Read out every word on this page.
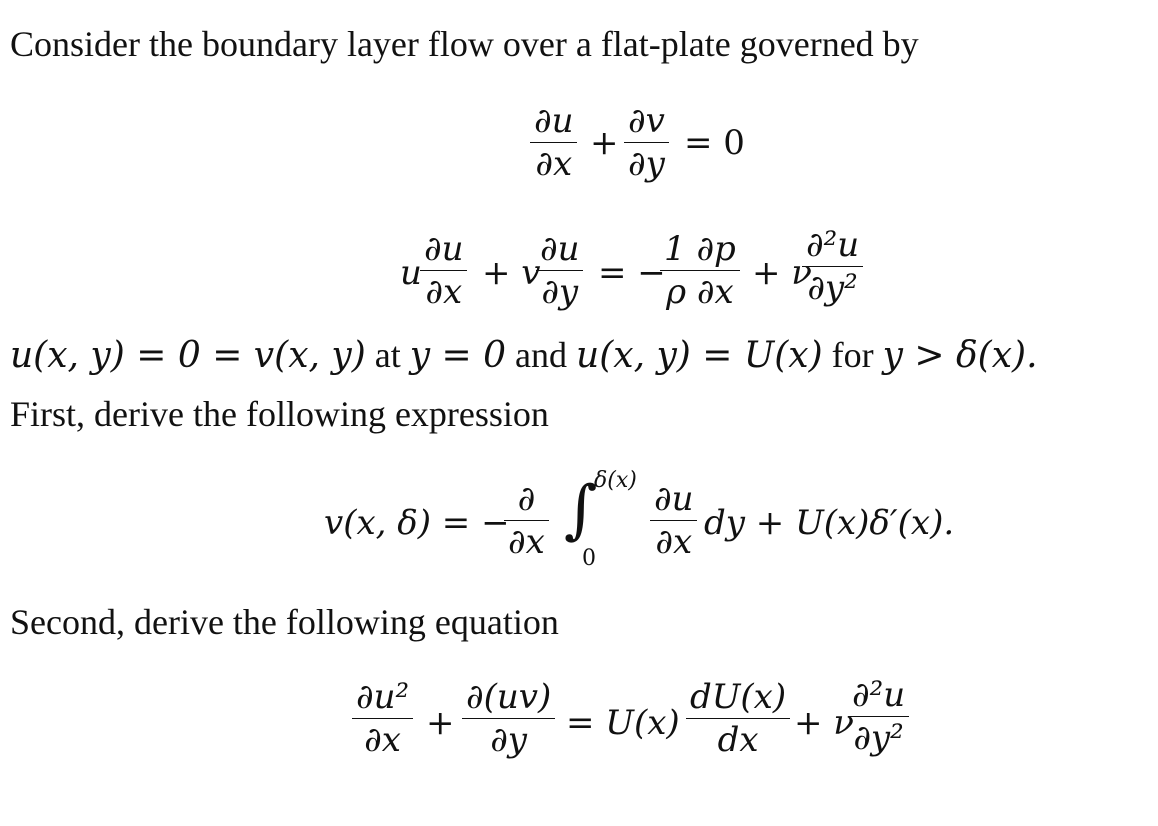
Consider the boundary layer flow over a flat-plate governed by
∂u
∂x
+
∂v
∂y
= 0
u
∂u
∂x + v
∂u
∂y = −
1 ∂p
ρ ∂x + ν
∂²u
∂y²
u(x, y) = 0 = v(x, y) at y = 0 and u(x, y) = U(x) for y > δ(x).
First, derive the following expression
v(x, δ) = −
∂
∂x ∫
δ(x)
0
∂u
∂x dy + U(x)δ′(x).
Second, derive the following equation
∂u²
∂x +
∂(uv)
∂y	= U(x)
dU(x)
dx	+ ν
∂²u
∂y²
